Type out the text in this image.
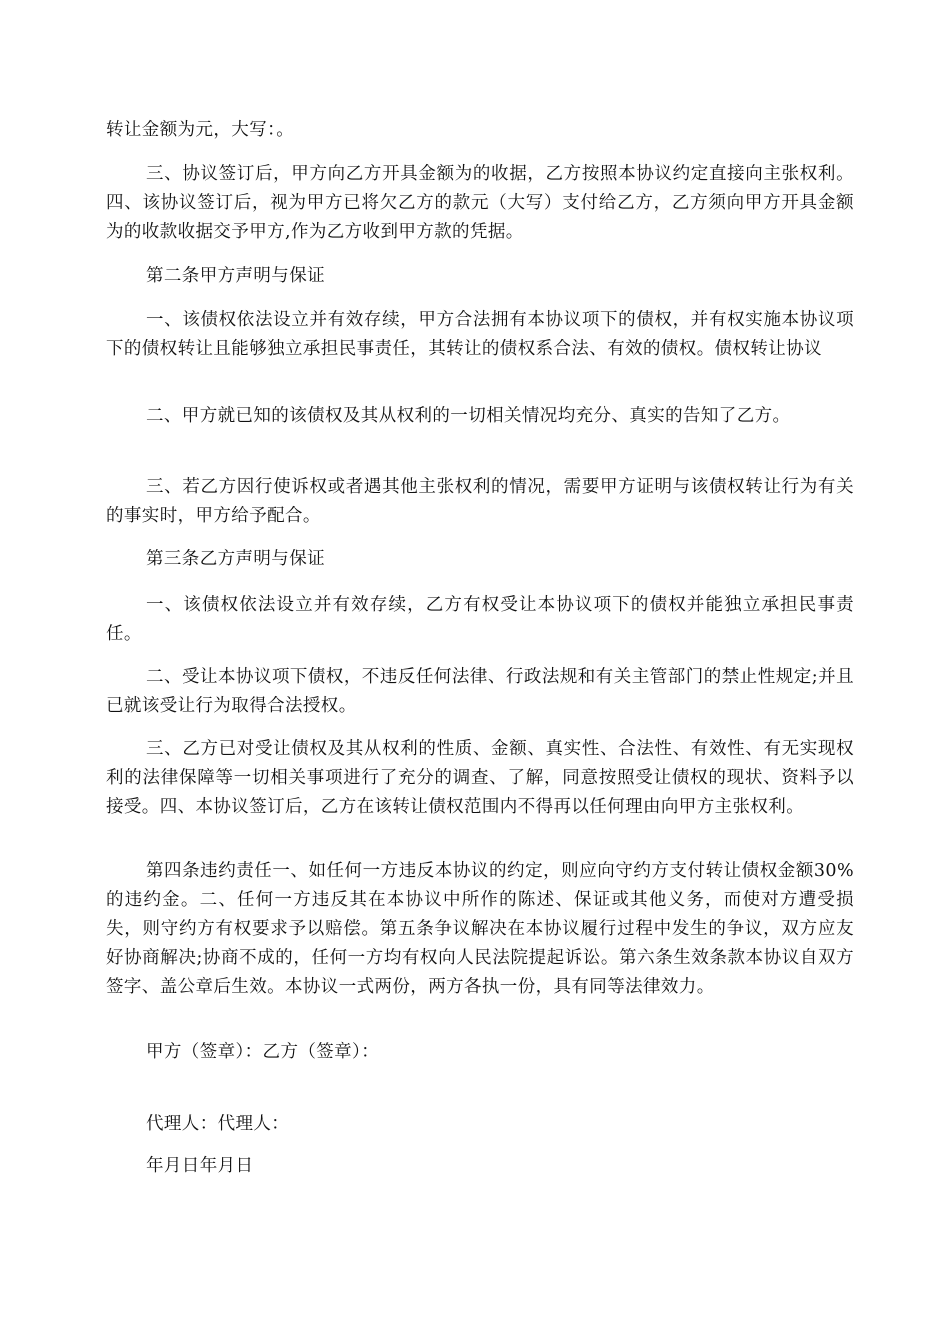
转让金额为元，大写：。

三、协议签订后，甲方向乙方开具金额为的收据，乙方按照本协议约定直接向主张权利。四、该协议签订后，视为甲方已将欠乙方的款元（大写）支付给乙方，乙方须向甲方开具金额为的收款收据交予甲方,作为乙方收到甲方款的凭据。

第二条甲方声明与保证

一、该债权依法设立并有效存续，甲方合法拥有本协议项下的债权，并有权实施本协议项下的债权转让且能够独立承担民事责任，其转让的债权系合法、有效的债权。债权转让协议

二、甲方就已知的该债权及其从权利的一切相关情况均充分、真实的告知了乙方。

三、若乙方因行使诉权或者遇其他主张权利的情况，需要甲方证明与该债权转让行为有关的事实时，甲方给予配合。

第三条乙方声明与保证

一、该债权依法设立并有效存续，乙方有权受让本协议项下的债权并能独立承担民事责任。

二、受让本协议项下债权，不违反任何法律、行政法规和有关主管部门的禁止性规定;并且已就该受让行为取得合法授权。

三、乙方已对受让债权及其从权利的性质、金额、真实性、合法性、有效性、有无实现权利的法律保障等一切相关事项进行了充分的调查、了解，同意按照受让债权的现状、资料予以接受。四、本协议签订后，乙方在该转让债权范围内不得再以任何理由向甲方主张权利。

第四条违约责任一、如任何一方违反本协议的约定，则应向守约方支付转让债权金额30%的违约金。二、任何一方违反其在本协议中所作的陈述、保证或其他义务，而使对方遭受损失，则守约方有权要求予以赔偿。第五条争议解决在本协议履行过程中发生的争议，双方应友好协商解决;协商不成的，任何一方均有权向人民法院提起诉讼。第六条生效条款本协议自双方签字、盖公章后生效。本协议一式两份，两方各执一份，具有同等法律效力。

甲方（签章）：乙方（签章）：

代理人：代理人：

年月日年月日
